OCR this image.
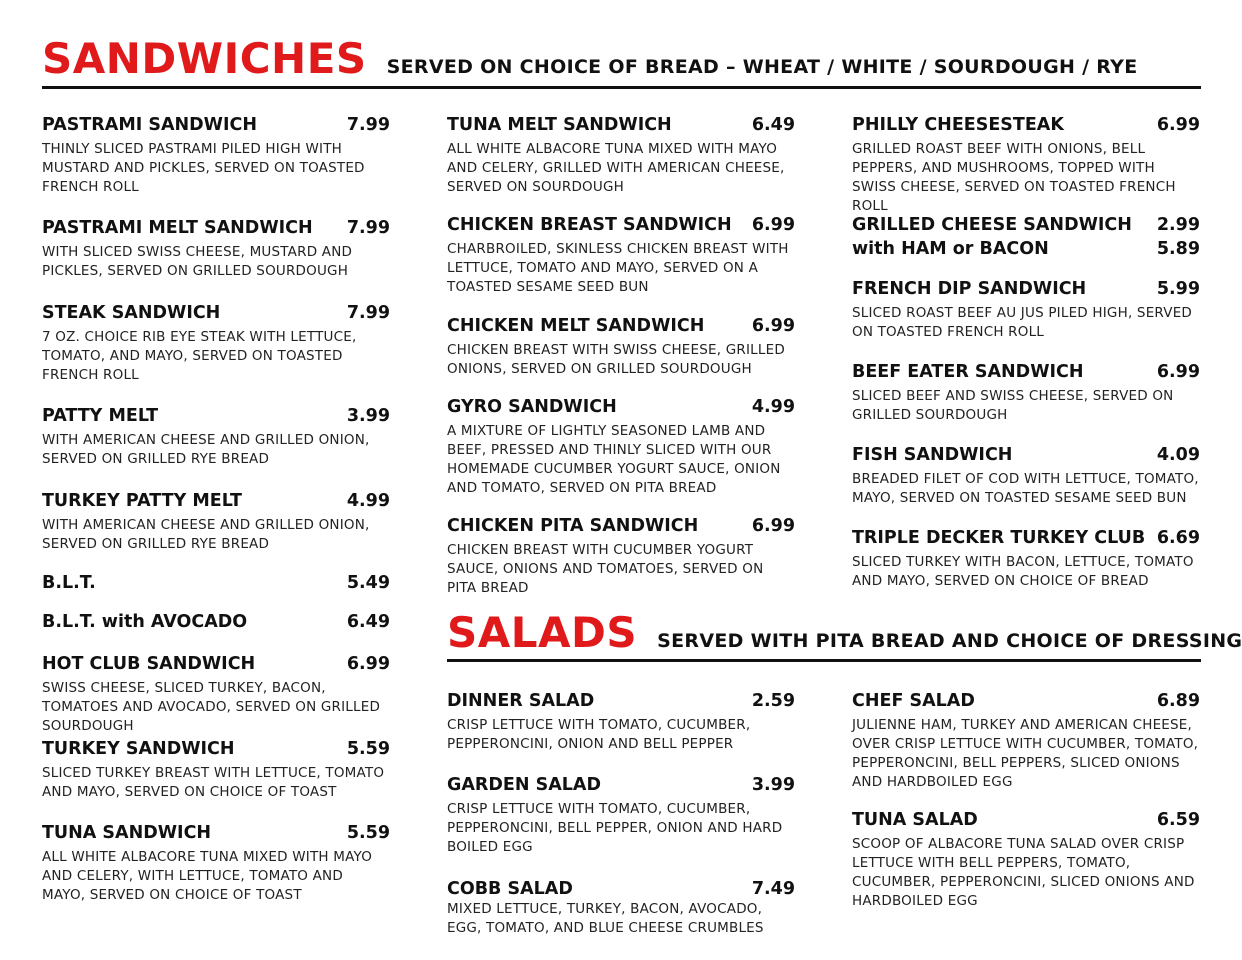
SANDWICHES SERVED ON CHOICE OF BREAD – WHEAT / WHITE / SOURDOUGH / RYE
PASTRAMI SANDWICH	7.99
THINLY SLICED PASTRAMI PILED HIGH WITH MUSTARD AND PICKLES, SERVED ON TOASTED FRENCH ROLL
PASTRAMI MELT SANDWICH 7.99
WITH SLICED SWISS CHEESE, MUSTARD AND PICKLES, SERVED ON GRILLED SOURDOUGH
STEAK SANDWICH	7.99
7 OZ. CHOICE RIB EYE STEAK WITH LETTUCE, TOMATO, AND MAYO, SERVED ON TOASTED FRENCH ROLL
PATTY MELT	3.99
WITH AMERICAN CHEESE AND GRILLED ONION, SERVED ON GRILLED RYE BREAD
TURKEY PATTY MELT	4.99
WITH AMERICAN CHEESE AND GRILLED ONION, SERVED ON GRILLED RYE BREAD
B.L.T.	5.49
B.L.T. with AVOCADO	6.49
HOT CLUB SANDWICH	6.99
SWISS CHEESE, SLICED TURKEY, BACON, TOMATOES AND AVOCADO, SERVED ON GRILLED SOURDOUGH
TURKEY SANDWICH	5.59
SLICED TURKEY BREAST WITH LETTUCE, TOMATO AND MAYO, SERVED ON CHOICE OF TOAST
TUNA SANDWICH	5.59
ALL WHITE ALBACORE TUNA MIXED WITH MAYO AND CELERY, WITH LETTUCE, TOMATO AND MAYO, SERVED ON CHOICE OF TOAST
TUNA MELT SANDWICH	6.49
ALL WHITE ALBACORE TUNA MIXED WITH MAYO AND CELERY, GRILLED WITH AMERICAN CHEESE, SERVED ON SOURDOUGH
CHICKEN BREAST SANDWICH 6.99
CHARBROILED, SKINLESS CHICKEN BREAST WITH LETTUCE, TOMATO AND MAYO, SERVED ON A TOASTED SESAME SEED BUN
CHICKEN MELT SANDWICH	6.99
CHICKEN BREAST WITH SWISS CHEESE, GRILLED ONIONS, SERVED ON GRILLED SOURDOUGH
GYRO SANDWICH	4.99
A MIXTURE OF LIGHTLY SEASONED LAMB AND BEEF, PRESSED AND THINLY SLICED WITH OUR HOMEMADE CUCUMBER YOGURT SAUCE, ONION AND TOMATO, SERVED ON PITA BREAD
CHICKEN PITA SANDWICH	6.99
CHICKEN BREAST WITH CUCUMBER YOGURT SAUCE, ONIONS AND TOMATOES, SERVED ON PITA BREAD
PHILLY CHEESESTEAK	6.99
GRILLED ROAST BEEF WITH ONIONS, BELL PEPPERS, AND MUSHROOMS, TOPPED WITH SWISS CHEESE, SERVED ON TOASTED FRENCH ROLL
GRILLED CHEESE SANDWICH 2.99
with HAM or BACON	5.89
FRENCH DIP SANDWICH	5.99
SLICED ROAST BEEF AU JUS PILED HIGH, SERVED ON TOASTED FRENCH ROLL
BEEF EATER SANDWICH	6.99
SLICED BEEF AND SWISS CHEESE, SERVED ON GRILLED SOURDOUGH
FISH SANDWICH	4.09
BREADED FILET OF COD WITH LETTUCE, TOMATO, MAYO, SERVED ON TOASTED SESAME SEED BUN
TRIPLE DECKER TURKEY CLUB 6.69
SLICED TURKEY WITH BACON, LETTUCE, TOMATO AND MAYO, SERVED ON CHOICE OF BREAD
SALADS SERVED WITH PITA BREAD AND CHOICE OF DRESSING
DINNER SALAD	2.59
CRISP LETTUCE WITH TOMATO, CUCUMBER, PEPPERONCINI, ONION AND BELL PEPPER
GARDEN SALAD	3.99
CRISP LETTUCE WITH TOMATO, CUCUMBER, PEPPERONCINI, BELL PEPPER, ONION AND HARD BOILED EGG
COBB SALAD	7.49
MIXED LETTUCE, TURKEY, BACON, AVOCADO, EGG, TOMATO, AND BLUE CHEESE CRUMBLES
CHEF SALAD	6.89
JULIENNE HAM, TURKEY AND AMERICAN CHEESE, OVER CRISP LETTUCE WITH CUCUMBER, TOMATO, PEPPERONCINI, BELL PEPPERS, SLICED ONIONS AND HARDBOILED EGG
TUNA SALAD	6.59
SCOOP OF ALBACORE TUNA SALAD OVER CRISP LETTUCE WITH BELL PEPPERS, TOMATO, CUCUMBER, PEPPERONCINI, SLICED ONIONS AND HARDBOILED EGG
